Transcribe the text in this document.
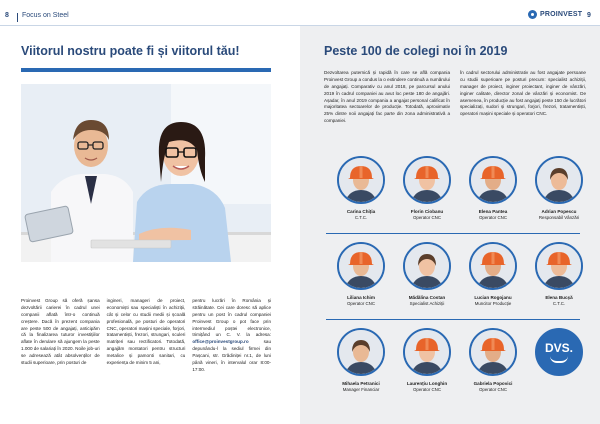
8 Focus on Steel
Viitorul nostru poate fi și viitorul tău!

Proinvest Group să oferă șansa dezvoltării carierei în cadrul unei companii aflată într-o continuă creștere. Dacă în prezent compania are peste 500 de angajați, anticipăm că la finalizarea tuturor investițiilor aflate în derulare să ajungem la peste 1.000 de salariați în 2020. Noile job-uri se adresează atât absolvenților de studii superioare, prin posturi de

ingineri, manageri de proiect, economiști sau specialiști în achiziții, cât și celor cu studii medii și școală profesională, pe posturi de operatori CNC, operatori mașini speciale, forjori, tratamentiști, frezori, strungari, sculeri matrițeri sau rectificatori. Totodată, angajăm montatori pentru structuri metalice și pamonti sanitari, cu experiența de minim 5 ani,

pentru lucrări în România și străinătate. Cei care doresc să aplice pentru un post în cadrul companiei Proinvest Group o pot face prin intermediul poștei electronice, trimițând un C. V. la adresa: office@proinvestgroup.ro	sau depunându-l la sediul firmei din Pașcani, str. Grădiniței nr.1, de luni până vineri, în intervalul orar 8:00-17:00.
PROINVEST 9
Peste 100 de colegi noi în 2019

Dezvoltarea puternică și rapidă în care se află compania Proinvest Group a condus la o extindere continuă a numărului de angajați. Comparativ cu anul 2018, pe parcursul anului 2019 în cadrul companiei au avut loc peste 180 de angajări. Așadar, în anul 2019 compania a angajat personal calificat în majoritatea sectoarelor de producție. Totodată, aproximativ 25% dintre noii angajați fac parte din zona administrativă a companiei.

În cadrul sectorului administrativ au fost angajate persoane cu studii superioare pe posturi precum: specialist achiziții, manager de proiect, inginer proiectant, inginer de vânzări, inginer calitate, director zonal de vânzări și economist. De asemenea, în producție au fost angajați peste 150 de lucrători specializați, sudori și strungari, forjori, frezori, tratamentiști, operatori mașini speciale și operatori CNC.

Carina Chiția
C.T.C.
Florin Ciobanu
Operator CNC
Elena Pantea
Operator CNC
Adrian Popescu
Responsabil Vânzări
Liliana Ichim
Operator CNC
Mădălina Costan
Specialist Achiziții
Lucian Rogojanu
Muncitor Producție
Elena Bucșă
C.T.C.
Mihaela Petranici
Manager Financiar
Laurențiu Longhin
Operator CNC
Gabriela Popovici
Operator CNC
DVS.
